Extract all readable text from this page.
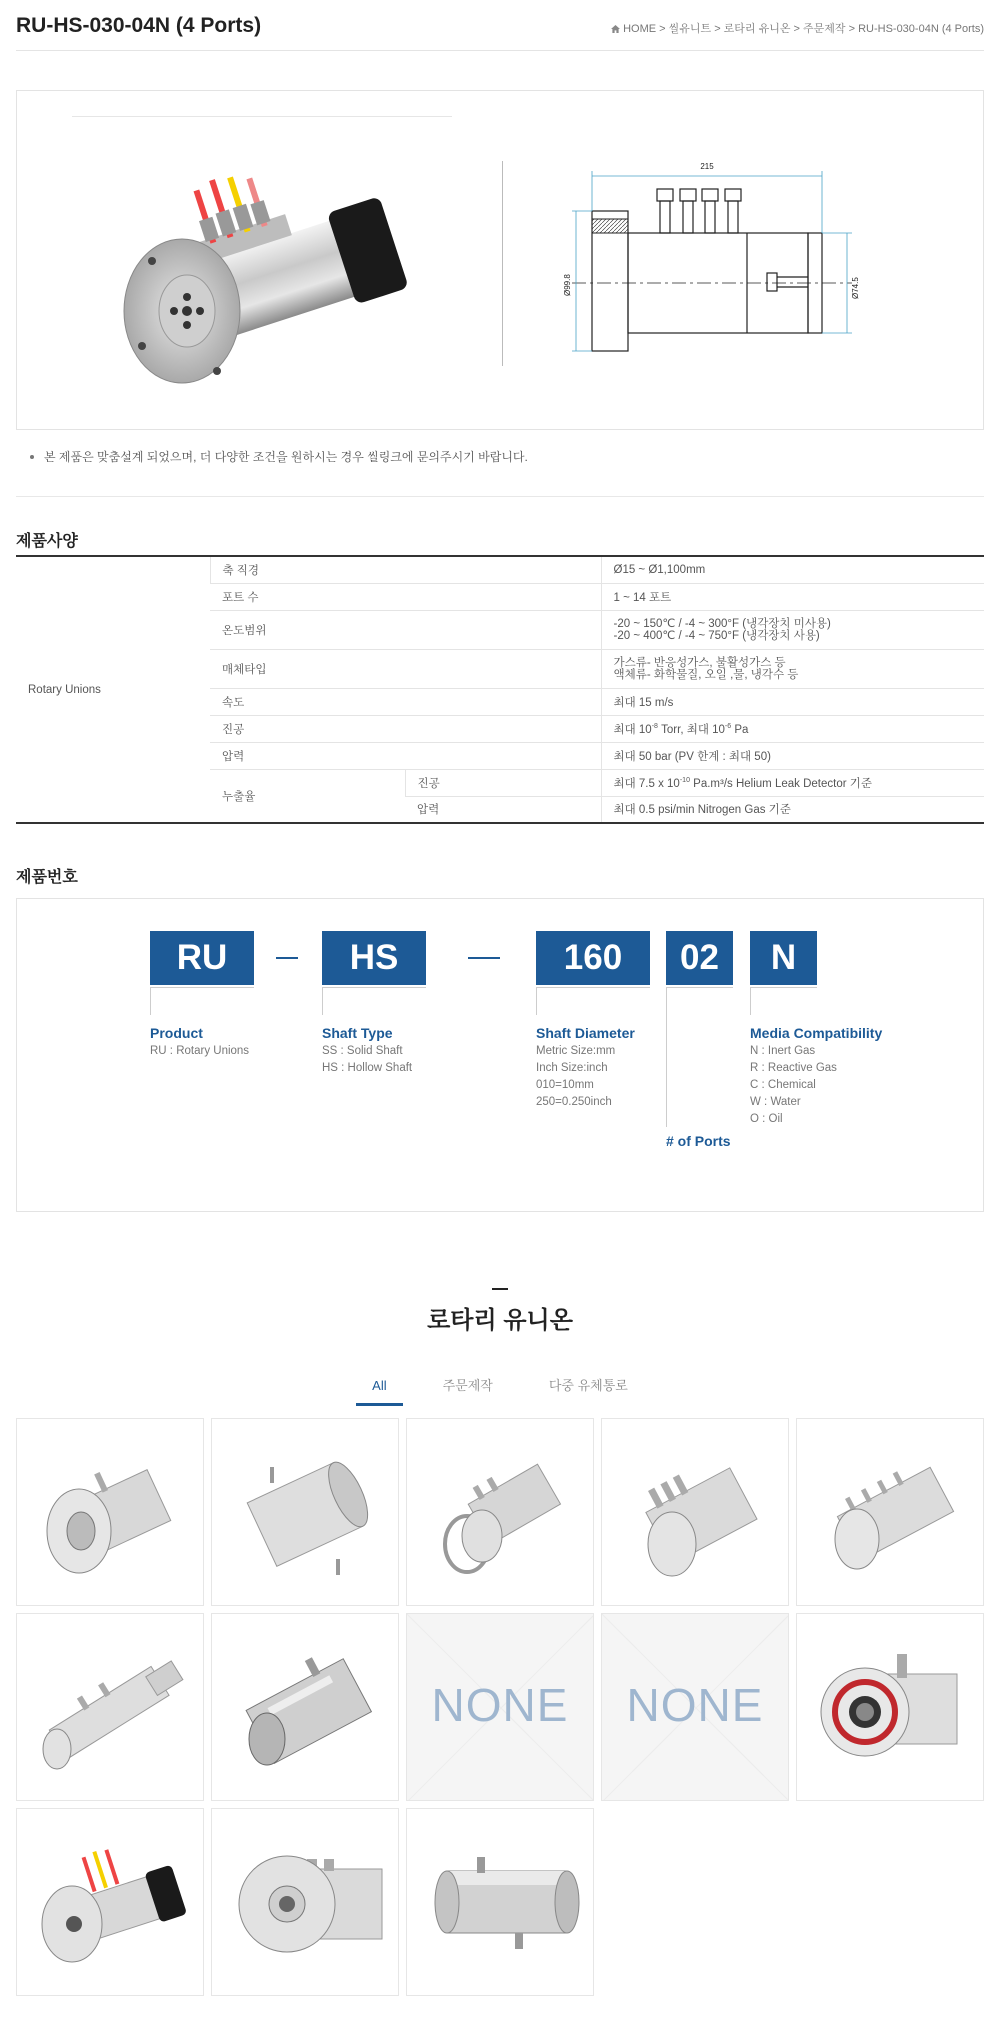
RU-HS-030-04N (4 Ports)	HOME > 씰유니트 > 로타리 유니온 > 주문제작 > RU-HS-030-04N (4 Ports)
215
Ø99.8	Ø74.5
본 제품은 맞춤설계 되었으며, 더 다양한 조건을 원하시는 경우 씰링크에 문의주시기 바랍니다.
제품사양
Rotary Unions	축 직경		Ø15 ~ Ø1,100mm
	포트 수		1 ~ 14 포트
	온도범위		-20 ~ 150℃ / -4 ~ 300°F (냉각장치 미사용)
-20 ~ 400℃ / -4 ~ 750°F (냉각장치 사용)

	매체타입		가스류- 반응성가스, 불활성가스 등
액체류- 화학물질, 오일 ,물, 냉각수 등

	속도		최대 15 m/s
	진공		최대 $10^{-8}$ Torr, 최대 $10^{-6}$ Pa
	압력		최대 50 bar (PV 한계 : 최대 50)
	누출율	진공	최대 7.5 x $10^{-10}$ Pa.m³/s Helium Leak Detector 기준
		압력	최대 0.5 psi/min Nitrogen Gas 기준
제품번호
RU	HS	160	02	N
Product
RU : Rotary Unions
Shaft Type
SS : Solid Shaft
HS : Hollow Shaft
Shaft Diameter
Metric Size:mm
Inch Size:inch
010=10mm
250=0.250inch
# of Ports
Media Compatibility
N : Inert Gas
R : Reactive Gas
C : Chemical
W : Water
O : Oil
로타리 유니온
All	주문제작	다중 유체통로
NONE	NONE
